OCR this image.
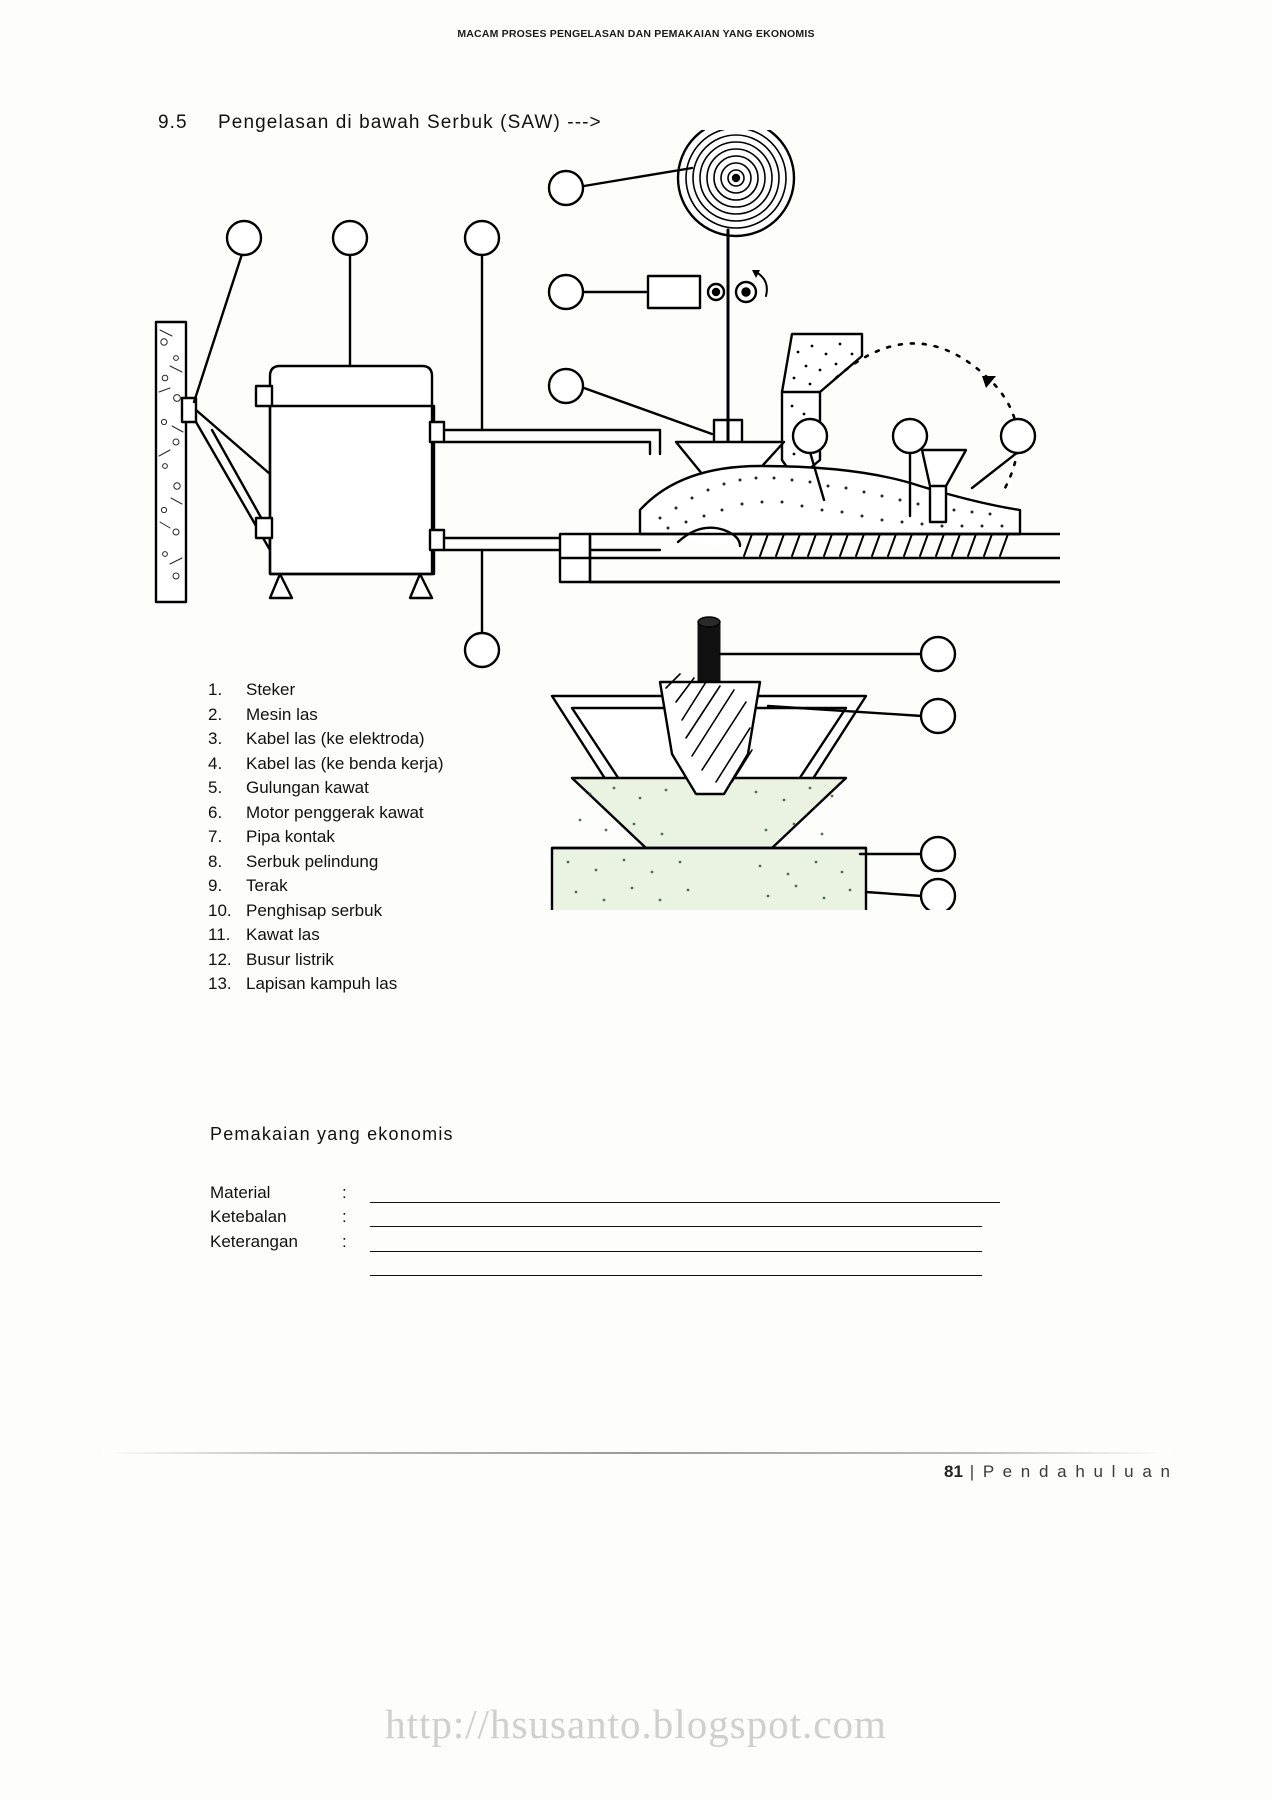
MACAM PROSES PENGELASAN DAN PEMAKAIAN YANG EKONOMIS
9.5 Pengelasan di bawah Serbuk (SAW) --->
1.	Steker
2.	Mesin las
3.	Kabel las (ke elektroda)
4.	Kabel las (ke benda kerja)
5.	Gulungan kawat
6.	Motor penggerak kawat
7.	Pipa kontak
8.	Serbuk pelindung
9.	Terak
10. Penghisap serbuk
11. Kawat las
12. Busur listrik
13. Lapisan kampuh las
Pemakaian yang ekonomis
Material	:
Ketebalan	:
Keterangan	:
81 | P e n d a h u l u a n
http://hsusanto.blogspot.com
